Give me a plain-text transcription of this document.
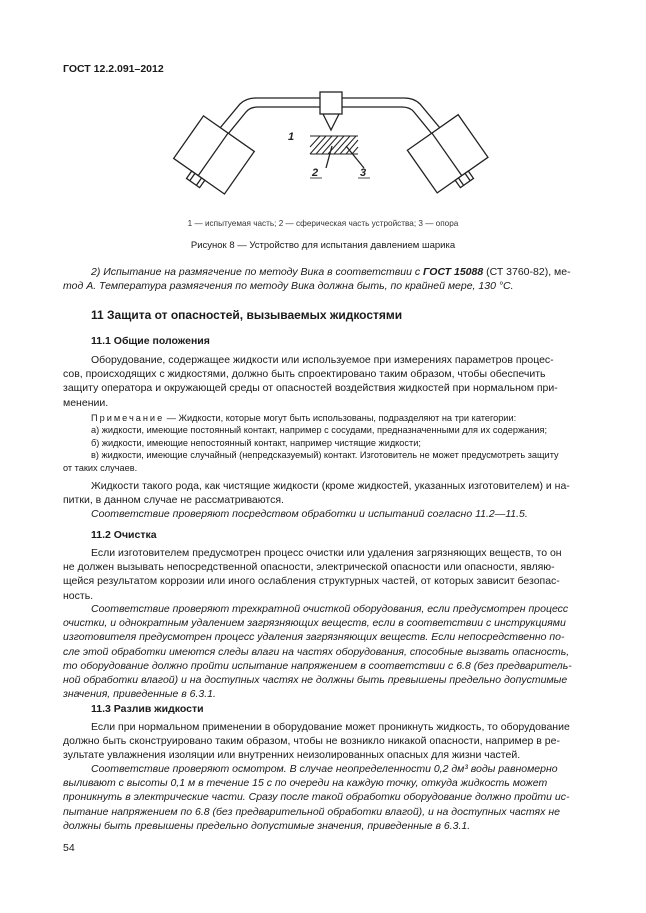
ГОСТ 12.2.091–2012
1
2	3
1 — испытуемая часть; 2 — сферическая часть устройства; 3 — опора
Рисунок 8 — Устройство для испытания давлением шарика

2) Испытание на размягчение по методу Вика в соответствии с ГОСТ 15088 (СТ 3760-82), ме-

тод А. Температура размягчения по методу Вика должна быть, по крайней мере, 130 °С.
11 Защита от опасностей, вызываемых жидкостями
11.1 Общие положения

Оборудование, содержащее жидкости или используемое при измерениях параметров процес-

сов, происходящих с жидкостями, должно быть спроектировано таким образом, чтобы обеспечить

защиту оператора и окружающей среды от опасностей воздействия жидкостей при нормальном при-

менении.

Примечание — Жидкости, которые могут быть использованы, подразделяют на три категории:

а) жидкости, имеющие постоянный контакт, например с сосудами, предназначенными для их содержания;

б) жидкости, имеющие непостоянный контакт, например чистящие жидкости;

в) жидкости, имеющие случайный (непредсказуемый) контакт. Изготовитель не может предусмотреть защиту

от таких случаев.

Жидкости такого рода, как чистящие жидкости (кроме жидкостей, указанных изготовителем) и на-

питки, в данном случае не рассматриваются.

Соответствие проверяют посредством обработки и испытаний согласно 11.2—11.5.
11.2 Очистка

Если изготовителем предусмотрен процесс очистки или удаления загрязняющих веществ, то он

не должен вызывать непосредственной опасности, электрической опасности или опасности, являю-

щейся результатом коррозии или иного ослабления структурных частей, от которых зависит безопас-

ность.

Соответствие проверяют трехкратной очисткой оборудования, если предусмотрен процесс

очистки, и однократным удалением загрязняющих веществ, если в соответствии с инструкциями

изготовителя предусмотрен процесс удаления загрязняющих веществ. Если непосредственно по-

сле этой обработки имеются следы влаги на частях оборудования, способные вызвать опасность,

то оборудование должно пройти испытание напряжением в соответствии с 6.8 (без предваритель-

ной обработки влагой) и на доступных частях не должны быть превышены предельно допустимые

значения, приведенные в 6.3.1.

11.3 Разлив жидкости

Если при нормальном применении в оборудование может проникнуть жидкость, то оборудование

должно быть сконструировано таким образом, чтобы не возникло никакой опасности, например в ре-

зультате увлажнения изоляции или внутренних неизолированных опасных для жизни частей.

Соответствие проверяют осмотром. В случае неопределенности 0,2 дм³ воды равномерно

выливают с высоты 0,1 м в течение 15 с по очереди на каждую точку, откуда жидкость может

проникнуть в электрические части. Сразу после такой обработки оборудование должно пройти ис-

пытание напряжением по 6.8 (без предварительной обработки влагой), и на доступных частях не

должны быть превышены предельно допустимые значения, приведенные в 6.3.1.

54
